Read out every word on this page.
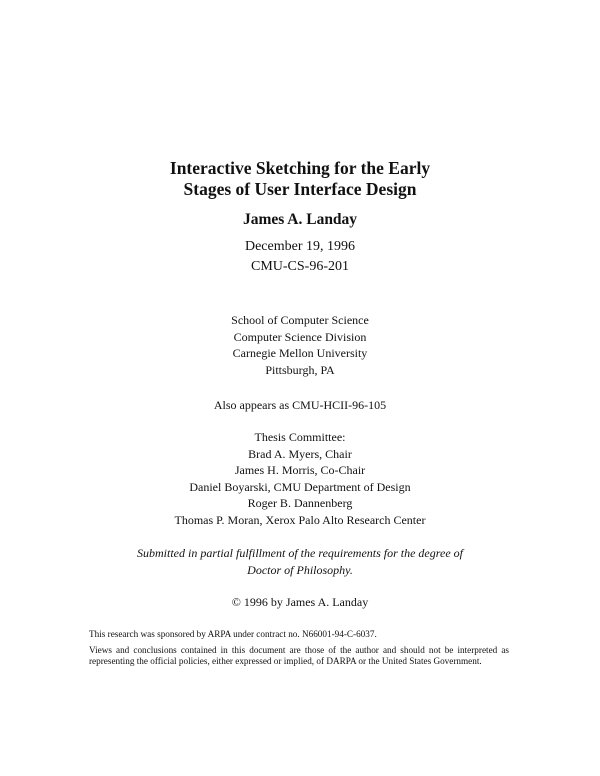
Interactive Sketching for the Early
Stages of User Interface Design
James A. Landay
December 19, 1996
CMU-CS-96-201
School of Computer Science
Computer Science Division
Carnegie Mellon University
Pittsburgh, PA
Also appears as CMU-HCII-96-105
Thesis Committee:
Brad A. Myers, Chair
James H. Morris, Co-Chair
Daniel Boyarski, CMU Department of Design
Roger B. Dannenberg
Thomas P. Moran, Xerox Palo Alto Research Center
Submitted in partial fulfillment of the requirements for the degree of
Doctor of Philosophy.
© 1996 by James A. Landay
This research was sponsored by ARPA under contract no. N66001-94-C-6037.
Views and conclusions contained in this document are those of the author and should not be interpreted as representing the official policies, either expressed or implied, of DARPA or the United States Government.
